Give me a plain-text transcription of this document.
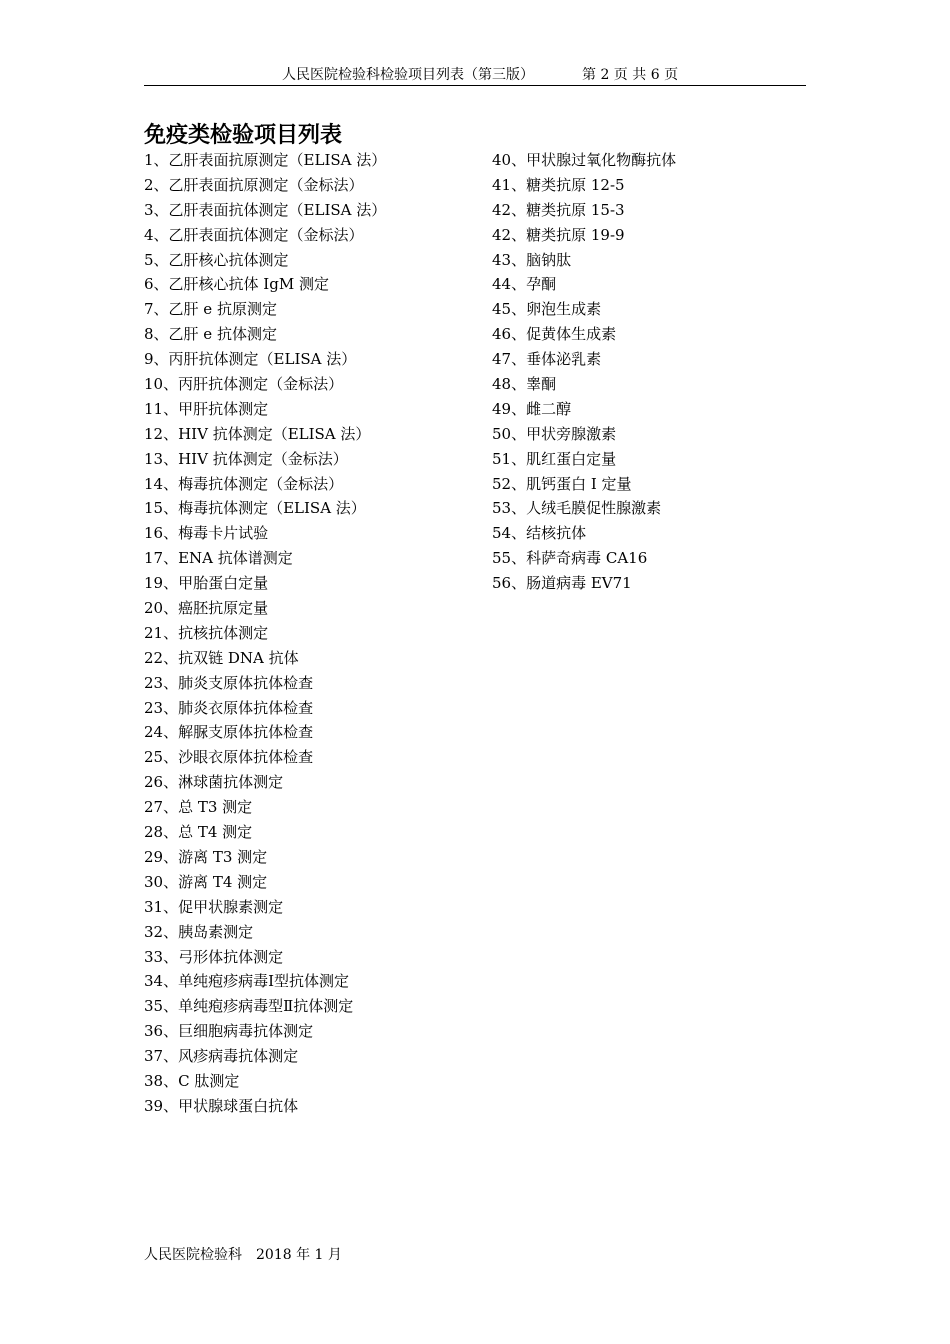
人民医院检验科检验项目列表（第三版）	第 2 页 共 6 页
免疫类检验项目列表
1、乙肝表面抗原测定（ELISA 法）
2、乙肝表面抗原测定（金标法）
3、乙肝表面抗体测定（ELISA 法）
4、乙肝表面抗体测定（金标法）
5、乙肝核心抗体测定
6、乙肝核心抗体 IgM 测定
7、乙肝 e 抗原测定
8、乙肝 e 抗体测定
9、丙肝抗体测定（ELISA 法）
10、丙肝抗体测定（金标法）
11、甲肝抗体测定
12、HIV 抗体测定（ELISA 法）
13、HIV 抗体测定（金标法）
14、梅毒抗体测定（金标法）
15、梅毒抗体测定（ELISA 法）
16、梅毒卡片试验
17、ENA 抗体谱测定
19、甲胎蛋白定量
20、癌胚抗原定量
21、抗核抗体测定
22、抗双链 DNA 抗体
23、肺炎支原体抗体检查
23、肺炎衣原体抗体检查
24、解脲支原体抗体检查
25、沙眼衣原体抗体检查
26、淋球菌抗体测定
27、总 T3 测定
28、总 T4 测定
29、游离 T3 测定
30、游离 T4 测定
31、促甲状腺素测定
32、胰岛素测定
33、弓形体抗体测定
34、单纯疱疹病毒Ⅰ型抗体测定
35、单纯疱疹病毒型Ⅱ抗体测定
36、巨细胞病毒抗体测定
37、风疹病毒抗体测定
38、C 肽测定
39、甲状腺球蛋白抗体
40、甲状腺过氧化物酶抗体
41、糖类抗原 12-5
42、糖类抗原 15-3
42、糖类抗原 19-9
43、脑钠肽
44、孕酮
45、卵泡生成素
46、促黄体生成素
47、垂体泌乳素
48、睾酮
49、雌二醇
50、甲状旁腺激素
51、肌红蛋白定量
52、肌钙蛋白 I 定量
53、人绒毛膜促性腺激素
54、结核抗体
55、科萨奇病毒 CA16
56、肠道病毒 EV71
人民医院检验科　2018 年 1 月
